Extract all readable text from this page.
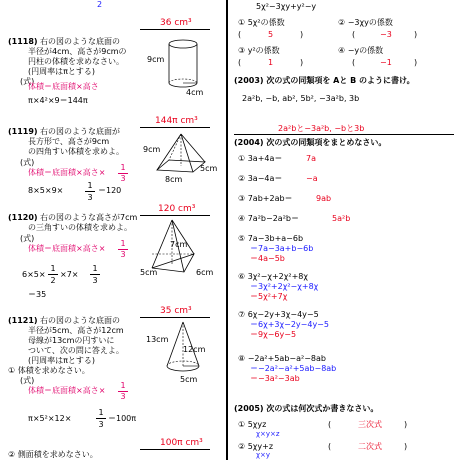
2
36 cm³
(1118) 右の図のような底面の
半径が4cm、高さが9cmの
円柱の体積を求めなさい。
(円周率はπとする)
(式)
体積＝底面積×高さ
π×4²×9＝144π
9cm
4cm
144π cm³
(1119) 右の図のような底面が
長方形で、高さが9cm
の四角すい体積を求めよ。
(式)
体積＝底面積×高さ×
1
3
8×5×9×
1
3
＝120
9cm
8cm
5cm
120 cm³
(1120) 右の図のような高さが7cm
の三角すいの体積を求めよ。
(式)
体積＝底面積×高さ×
1
3
6×5×
1
2
×7×
1
3
＝35
7cm
5cm	6cm
35 cm³
(1121) 右の図のような底面の
半径が5cm、高さが12cm
母線が13cmの円すいに
ついて、次の問に答えよ。
(円周率はπとする)
① 体積を求めなさい。
(式)
体積＝底面積×高さ×
1
3
π×5²×12×
1
3
＝100π
13cm
12cm
5cm
100π cm³
② 側面積を求めなさい。
5χ²−3χy+y²−y
① 5χ²の係数
(	5	)
② −3χyの係数
(	−3	)
③ y²の係数
(	1	)
④ −yの係数
(	−1	)
(2003) 次の式の同類項を Aと B のように書け。
2a²b, −b, ab², 5b², −3a²b, 3b
2a²bと−3a²b, −bと3b
(2004) 次の式の同類項をまとめなさい。
① 3a+4a＝	7a
② 3a−4a＝	−a
③ 7ab+2ab＝	9ab
④ 7a²b−2a²b＝	5a²b
⑤ 7a−3b+a−6b
＝7a−3a+b−6b
＝4a−5b
⑥ 3χ²−χ+2χ²+8χ
＝3χ²+2χ²−χ+8χ
＝5χ²+7χ
⑦ 6χ−2y+3χ−4y−5
＝6χ+3χ−2y−4y−5
＝9χ−6y−5
⑧ −2a²+5ab−a²−8ab
＝−2a²−a²+5ab−8ab
＝−3a²−3ab
(2005) 次の式は何次式か書きなさい。
① 5χyz
χ×y×z
(	三次式	)
② 5χy+z
χ×y
(	二次式	)
